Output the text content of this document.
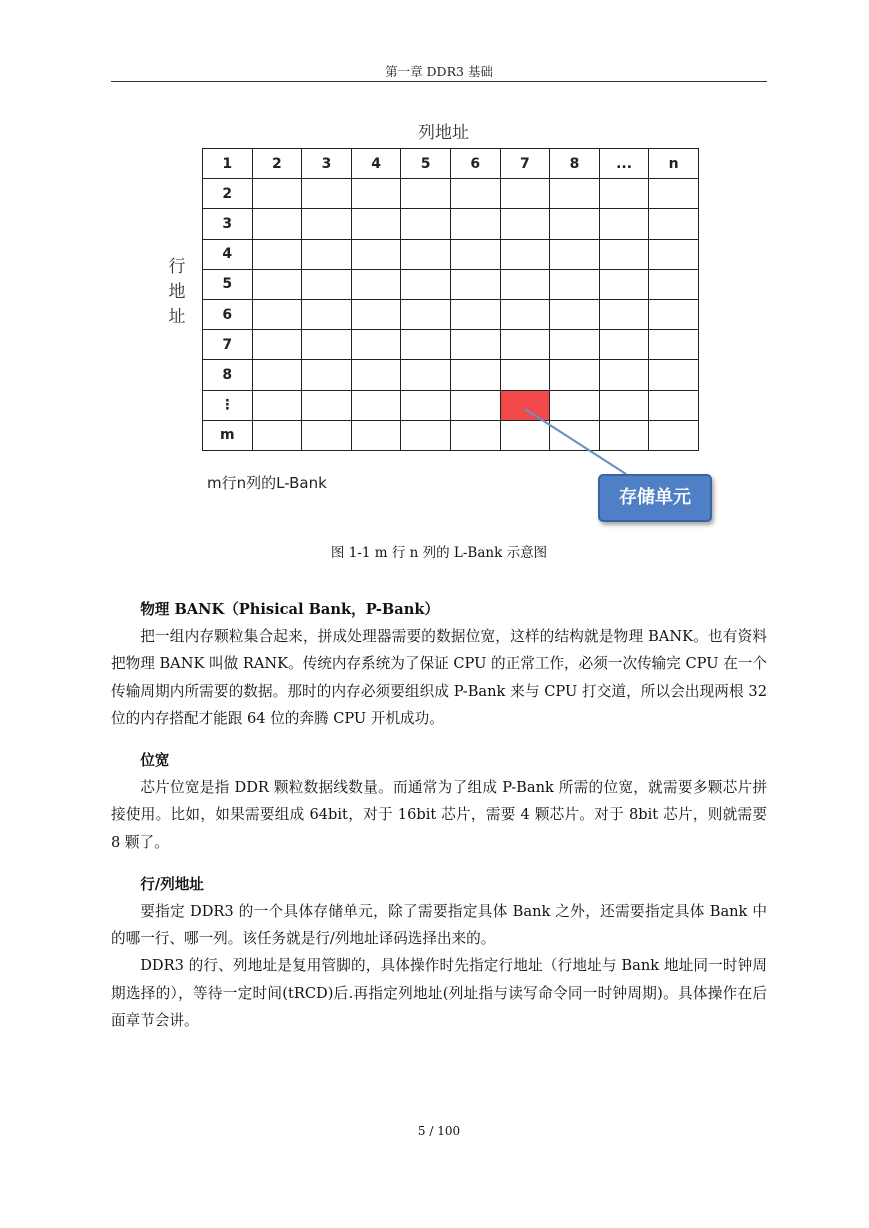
第一章 DDR3 基础
列地址
行
地
址
1	2	3	4	5	6	7	8	...	n
2									
3									
4									
5									
6									
7									
8									
⋮									
m									
m行n列的L-Bank
存储单元
图 1-1 m 行 n 列的 L-Bank 示意图

物理 BANK（Phisical Bank，P-Bank）

把一组内存颗粒集合起来，拼成处理器需要的数据位宽，这样的结构就是物理 BANK。也有资料把物理 BANK 叫做 RANK。传统内存系统为了保证 CPU 的正常工作，必须一次传输完 CPU 在一个传输周期内所需要的数据。那时的内存必须要组织成 P-Bank 来与 CPU 打交道，所以会出现两根 32 位的内存搭配才能跟 64 位的奔腾 CPU 开机成功。

位宽

芯片位宽是指 DDR 颗粒数据线数量。而通常为了组成 P-Bank 所需的位宽，就需要多颗芯片拼接使用。比如，如果需要组成 64bit，对于 16bit 芯片，需要 4 颗芯片。对于 8bit 芯片，则就需要 8 颗了。

行/列地址

要指定 DDR3 的一个具体存储单元，除了需要指定具体 Bank 之外，还需要指定具体 Bank 中的哪一行、哪一列。该任务就是行/列地址译码选择出来的。

DDR3 的行、列地址是复用管脚的，具体操作时先指定行地址（行地址与 Bank 地址同一时钟周期选择的），等待一定时间(tRCD)后.再指定列地址(列址指与读写命令同一时钟周期)。具体操作在后面章节会讲。

5 / 100
